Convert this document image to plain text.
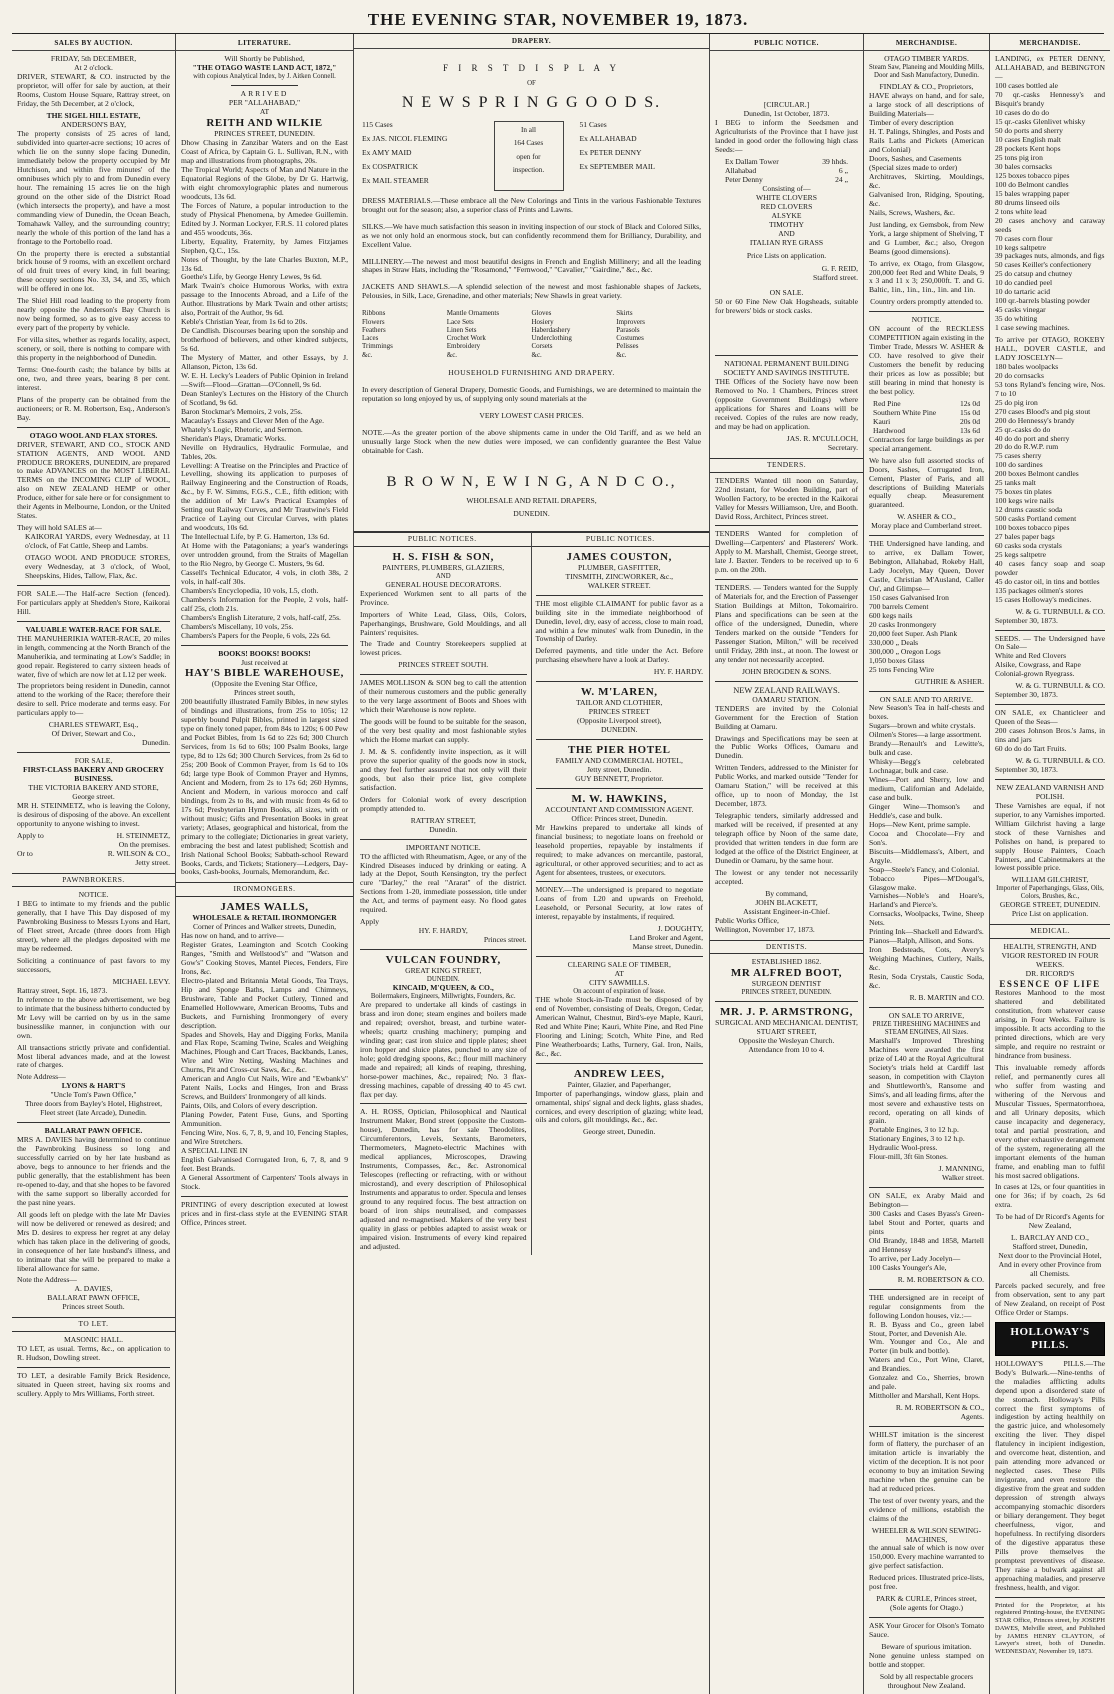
THE EVENING STAR, NOVEMBER 19, 1873.
SALES BY AUCTION.
FRIDAY, 5th DECEMBER,
At 2 o'clock.

DRIVER, STEWART, & CO. instructed by the proprietor, will offer for sale by auction, at their Rooms, Custom House Square, Rattray street, on Friday, the 5th December, at 2 o'clock,

THE SIGEL HILL ESTATE,
ANDERSON'S BAY,

The property consists of 25 acres of land, subdivided into quarter-acre sections; 10 acres of which lie on the sunny slope facing Dunedin, immediately below the property occupied by Mr Hutchison, and within five minutes' of the omnibuses which ply to and from Dunedin every hour. The remaining 15 acres lie on the high ground on the other side of the District Road (which intersects the property), and have a most commanding view of Dunedin, the Ocean Beach, Tomahawk Valley, and the surrounding country; nearly the whole of this portion of the land has a frontage to the Portobello road.

On the property there is erected a substantial brick house of 9 rooms, with an excellent orchard of old fruit trees of every kind, in full bearing; these occupy sections No. 33, 34, and 35, which will be offered in one lot.

The Shiel Hill road leading to the property from nearly opposite the Anderson's Bay Church is now being formed, so as to give easy access to every part of the property by vehicle.

For villa sites, whether as regards locality, aspect, scenery, or soil, there is nothing to compare with this property in the neighborhood of Dunedin.

Terms: One-fourth cash; the balance by bills at one, two, and three years, bearing 8 per cent. interest.

Plans of the property can be obtained from the auctioneers; or R. M. Robertson, Esq., Anderson's Bay.

OTAGO WOOL AND FLAX STORES.

DRIVER, STEWART, AND CO., STOCK AND STATION AGENTS, AND WOOL AND PRODUCE BROKERS, DUNEDIN, are prepared to make ADVANCES on the MOST LIBERAL TERMS on the INCOMING CLIP of WOOL, also on NEW ZEALAND HEMP or other Produce, either for sale here or for consignment to their Agents in Melbourne, London, or the United States.

They will hold SALES at—

KAIKORAI YARDS, every Wednesday, at 11 o'clock, of Fat Cattle, Sheep and Lambs.

OTAGO WOOL AND PRODUCE STORES, every Wednesday, at 3 o'clock, of Wool, Sheepskins, Hides, Tallow, Flax, &c.

FOR SALE.—The Half-acre Section (fenced). For particulars apply at Shedden's Store, Kaikorai Hill.

VALUABLE WATER-RACE FOR SALE.

THE MANUHERIKIA WATER-RACE, 20 miles in length, commencing at the North Branch of the Manuherikia, and terminating at Low's Saddle; in good repair. Registered to carry sixteen heads of water, five of which are now let at L12 per week.

The proprietors being resident in Dunedin, cannot attend to the working of the Race; therefore their desire to sell. Price moderate and terms easy. For particulars apply to—

CHARLES STEWART, Esq.,
Of Driver, Stewart and Co.,
Dunedin.
FOR SALE,
FIRST-CLASS BAKERY AND GROCERY BUSINESS.
THE VICTORIA BAKERY AND STORE,
George street.

MR H. STEINMETZ, who is leaving the Colony, is desirous of disposing of the above. An excellent opportunity to anyone wishing to invest.

Apply to	H. STEINMETZ,
On the premises.
Or to	R. WILSON & CO.,
Jetty street.
PAWNBROKERS.
NOTICE.

I BEG to intimate to my friends and the public generally, that I have This Day disposed of my Pawnbroking Business to Messrs Lyons and Hart, of Fleet street, Arcade (three doors from High street), where all the pledges deposited with me may be redeemed.

Soliciting a continuance of past favors to my successors,

MICHAEL LEVY.
Rattray street, Sept. 16, 1873.

In reference to the above advertisement, we beg to intimate that the business hitherto conducted by Mr Levy will be carried on by us in the same businesslike manner, in conjunction with our own.

All transactions strictly private and confidential. Most liberal advances made, and at the lowest rate of charges.

Note Address—
LYONS & HART'S
"Uncle Tom's Pawn Office,"

Three doors from Bayley's Hotel, Highstreet, Fleet street (late Arcade), Dunedin.

BALLARAT PAWN OFFICE.

MRS A. DAVIES having determined to continue the Pawnbroking Business so long and successfully carried on by her late husband as above, begs to announce to her friends and the public generally, that the establishment has been re-opened to-day, and that she hopes to be favored with the same support so liberally accorded for the past nine years.

All goods left on pledge with the late Mr Davies will now be delivered or renewed as desired; and Mrs D. desires to express her regret at any delay which has taken place in the delivering of goods, in consequence of her late husband's illness, and to intimate that she will be prepared to make a liberal allowance for same.

Note the Address—
A. DAVIES,
BALLARAT PAWN OFFICE,
Princes street South.
TO LET.
MASONIC HALL.

TO LET, as usual. Terms, &c., on application to R. Hudson, Dowling street.

TO LET, a desirable Family Brick Residence, situated in Queen street, having six rooms and scullery. Apply to Mrs Williams, Forth street.

LITERATURE.
Will Shortly be Published,
"THE OTAGO WASTE LAND ACT, 1872,"
with copious Analytical Index, by J. Aitken Connell.
ARRIVED
PER "ALLAHABAD,"
AT
REITH AND WILKIE
PRINCES STREET, DUNEDIN.

Dhow Chasing in Zanzibar Waters and on the East Coast of Africa, by Captain G. L. Sullivan, R.N., with map and illustrations from photographs, 20s.
The Tropical World; Aspects of Man and Nature in the Equatorial Regions of the Globe, by Dr G. Hartwig, with eight chromoxylographic plates and numerous woodcuts, 13s 6d.
The Forces of Nature, a popular introduction to the study of Physical Phenomena, by Amedee Guillemin. Edited by J. Norman Lockyer, F.R.S. 11 colored plates and 455 woodcuts, 36s.
Liberty, Equality, Fraternity, by James Fitzjames Stephen, Q.C., 15s.
Notes of Thought, by the late Charles Buxton, M.P., 13s 6d.
Goethe's Life, by George Henry Lewes, 9s 6d.
Mark Twain's choice Humorous Works, with extra passage to the Innocents Abroad, and a Life of the Author. Illustrations by Mark Twain and other artists; also, Portrait of the Author, 9s 6d.
Keble's Christian Year, from 1s 6d to 20s.
De Candlish. Discourses bearing upon the sonship and brotherhood of believers, and other kindred subjects, 5s 6d.
The Mystery of Matter, and other Essays, by J. Allanson, Picton, 13s 6d.
W. E. H. Lecky's Leaders of Public Opinion in Ireland—Swift—Flood—Grattan—O'Connell, 9s 6d.
Dean Stanley's Lectures on the History of the Church of Scotland, 9s 6d.
Baron Stockmar's Memoirs, 2 vols, 25s.
Macaulay's Essays and Clever Men of the Age.
Whately's Logic, Rhetoric, and Sermon.
Sheridan's Plays, Dramatic Works.
Neville on Hydraulics, Hydraulic Formulae, and Tables, 20s.
Levelling: A Treatise on the Principles and Practice of Levelling, showing its application to purposes of Railway Engineering and the Construction of Roads, &c., by F. W. Simms, F.G.S., C.E., fifth edition; with the addition of Mr Law's Practical Examples of Setting out Railway Curves, and Mr Trautwine's Field Practice of Laying out Circular Curves, with plates and woodcuts, 10s 6d.
The Intellectual Life, by P. G. Hamerton, 13s 6d.
At Home with the Patagonians; a year's wanderings over untrodden ground, from the Straits of Magellan to the Rio Negro, by George C. Musters, 9s 6d.
Cassell's Technical Educator, 4 vols, in cloth 38s, 2 vols, in half-calf 30s.
Chambers's Encyclopedia, 10 vols, L5, cloth.
Chambers's Information for the People, 2 vols, half-calf 25s, cloth 21s.
Chambers's English Literature, 2 vols, half-calf, 25s.
Chambers's Miscellany, 10 vols, 25s.
Chambers's Papers for the People, 6 vols, 22s 6d.

BOOKS! BOOKS! BOOKS!
Just received at
HAY'S BIBLE WAREHOUSE,
(Opposite the Evening Star Office,
Princes street south,

200 beautifully illustrated Family Bibles, in new styles of bindings and illustrations, from 25s to 105s; 12 superbly bound Pulpit Bibles, printed in largest sized type on finely toned paper, from 84s to 120s; 6 00 Pew and Pocket Bibles, from 1s 6d to 22s 6d; 300 Church Services, from 1s 6d to 60s; 100 Psalm Books, large type, 8d to 12s 6d; 300 Church Services, from 2s 6d to 25s; 200 Book of Common Prayer, from 1s 6d to 10s 6d; large type Book of Common Prayer and Hymns, Ancient and Modern, from 2s to 17s 6d; 260 Hymns, Ancient and Modern, in various morocco and calf bindings, from 2s to 8s, and with music from 4s 6d to 17s 6d; Presbyterian Hymn Books, all sizes, with or without music; Gifts and Presentation Books in great variety; Atlases, geographical and historical, from the primary to the collegiate; Dictionaries in great variety, embracing the best and latest published; Scottish and Irish National School Books; Sabbath-school Reward Books, Cards, and Tickets; Stationery—Ledgers, Day-books, Cash-books, Journals, Memorandum, &c.

IRONMONGERS.
JAMES WALLS,
WHOLESALE & RETAIL IRONMONGER
Corner of Princes and Walker streets, Dunedin,

Has now on hand, and to arrive—
Register Grates, Leamington and Scotch Cooking Ranges, "Smith and Wellstood's" and "Watson and Gow's" Cooking Stoves, Mantel Pieces, Fenders, Fire Irons, &c.
Electro-plated and Britannia Metal Goods, Tea Trays, Hip and Sponge Baths, Lamps and Chimneys, Brushware, Table and Pocket Cutlery, Tinned and Enamelled Hollowware, American Brooms, Tubs and Buckets, and Furnishing Ironmongery of every description.
Spades and Shovels, Hay and Digging Forks, Manila and Flax Rope, Scaming Twine, Scales and Weighing Machines, Plough and Cart Traces, Backbands, Lanes, Wire and Wire Netting, Washing Machines and Churns, Pit and Cross-cut Saws, &c., &c.
American and Anglo Cut Nails, Wire and "Ewbank's" Patent Nails, Locks and Hinges, Iron and Brass Screws, and Builders' Ironmongery of all kinds.
Paints, Oils, and Colors of every description.
Planing Powder, Patent Fuse, Guns, and Sporting Ammunition.
Fencing Wire, Nos. 6, 7, 8, 9, and 10, Fencing Staples, and Wire Stretchers.
A SPECIAL LINE IN
English Galvanised Corrugated Iron, 6, 7, 8, and 9 feet. Best Brands.
A General Assortment of Carpenters' Tools always in Stock.

PRINTING of every description executed at lowest prices and in first-class style at the EVENING STAR Office, Princes street.

DRAPERY.
F I R S T D I S P L A Y
OF
N E W S P R I N G G O O D S.
115 Cases
Ex JAS. NICOL FLEMING
Ex AMY MAID
Ex COSPATRICK
Ex MAIL STEAMER
In all
164 Cases
open for
inspection.
51 Cases
Ex ALLAHABAD
Ex PETER DENNY
Ex SEPTEMBER MAIL

DRESS MATERIALS.—These embrace all the New Colorings and Tints in the various Fashionable Textures brought out for the season; also, a superior class of Prints and Lawns.

SILKS.—We have much satisfaction this season in inviting inspection of our stock of Black and Colored Silks, as we not only hold an enormous stock, but can confidently recommend them for Brilliancy, Durability, and Excellent Value.

MILLINERY.—The newest and most beautiful designs in French and English Millinery; and all the leading shapes in Straw Hats, including the "Rosamond," "Fernwood," "Cavalier," "Gairdine," &c., &c.

JACKETS AND SHAWLS.—A splendid selection of the newest and most fashionable shapes of Jackets, Pelousies, in Silk, Lace, Grenadine, and other materials; New Shawls in great variety.

Ribbons
Flowers
Feathers
Laces
Trimmings
&c.
Mantle Ornaments
Lace Sets
Linen Sets
Crochet Work
Embroidery
&c.
Gloves
Hosiery
Haberdashery
Underclothing
Corsets
&c.
Skirts
Improvers
Parasols
Costumes
Pelisses
&c.
HOUSEHOLD FURNISHING AND DRAPERY.

In every description of General Drapery, Domestic Goods, and Furnishings, we are determined to maintain the reputation so long enjoyed by us, of supplying only sound materials at the

VERY LOWEST CASH PRICES.

NOTE.—As the greater portion of the above shipments came in under the Old Tariff, and as we held an unusually large Stock when the new duties were imposed, we can confidently guarantee the Best Value obtainable for Cash.

B R O W N, E W I N G, A N D C O.,
WHOLESALE AND RETAIL DRAPERS,
DUNEDIN.
PUBLIC NOTICES.
H. S. FISH & SON,
PAINTERS, PLUMBERS, GLAZIERS,
AND
GENERAL HOUSE DECORATORS.

Experienced Workmen sent to all parts of the Province.

Importers of White Lead, Glass, Oils, Colors, Paperhangings, Brushware, Gold Mouldings, and all Painters' requisites.

The Trade and Country Storekeepers supplied at lowest prices.

PRINCES STREET SOUTH.

JAMES MOLLISON & SON beg to call the attention of their numerous customers and the public generally to the very large assortment of Boots and Shoes with which their Warehouse is now replete.

The goods will be found to be suitable for the season, of the very best quality and most fashionable styles which the Home market can supply.

J. M. & S. confidently invite inspection, as it will prove the superior quality of the goods now in stock, and they feel further assured that not only will their goods, but also their price list, give complete satisfaction.

Orders for Colonial work of every description promptly attended to.

RATTRAY STREET,
Dunedin.
IMPORTANT NOTICE.

TO the afflicted with Rheumatism, Agee, or any of the Kindred Diseases induced by drinking or eating. A lady at the Depot, South Kensington, try the perfect cure "Darley," the real "Ararat" of the district. Sections from 1-20, immediate possession, title under the Act, and terms of payment easy. No flood gates required.

Apply
HY. F. HARDY,
Princes street.
VULCAN FOUNDRY,
GREAT KING STREET,
DUNEDIN.
KINCAID, M'QUEEN, & CO.,
Boilermakers, Engineers, Millwrights, Founders, &c.

Are prepared to undertake all kinds of castings in brass and iron done; steam engines and boilers made and repaired; overshot, breast, and turbine water-wheels; quartz crushing machinery; pumping and winding gear; cast iron sluice and tipple plates; sheet iron hopper and sluice plates, punched to any size of hole; gold dredging spoons, &c.; flour mill machinery made and repaired; all kinds of reaping, threshing, horse-power machines, &c., repaired; No. 3 flax-dressing machines, capable of dressing 40 to 45 cwt. flax per day.

A. H. ROSS, Optician, Philosophical and Nautical Instrument Maker, Bond street (opposite the Custom-house), Dunedin, has for sale Theodolites, Circumferentors, Levels, Sextants, Barometers, Thermometers, Magneto-electric Machines with medical appliances, Microscopes, Drawing Instruments, Compasses, &c., &c. Astronomical Telescopes (reflecting or refracting, with or without microstand), and every description of Philosophical Instruments and apparatus to order. Specula and lenses ground to any required focus. The best attraction on board of iron ships neutralised, and compasses adjusted and re-magnetised. Makers of the very best quality in glass or pebbles adapted to assist weak or impaired vision. Instruments of every kind repaired and adjusted.

PUBLIC NOTICES.
JAMES COUSTON,
PLUMBER, GASFITTER,
TINSMITH, ZINCWORKER, &c.,
WALKER STREET.

THE most eligible CLAIMANT for public favor as a building site in the immediate neighborhood of Dunedin, level, dry, easy of access, close to main road, and within a few minutes' walk from Dunedin, in the Township of Darley.

Deferred payments, and title under the Act. Before purchasing elsewhere have a look at Darley.

HY. F. HARDY.
W. M'LAREN,
TAILOR AND CLOTHIER,
PRINCES STREET
(Opposite Liverpool street),
DUNEDIN.
THE PIER HOTEL
FAMILY AND COMMERCIAL HOTEL,
Jetty street, Dunedin.
GUY BENNETT, Proprietor.
M. W. HAWKINS,
ACCOUNTANT AND COMMISSION AGENT.
Office: Princes street, Dunedin.

Mr Hawkins prepared to undertake all kinds of financial business; to negotiate loans on freehold or leasehold properties, repayable by instalments if required; to make advances on mercantile, pastoral, agricultural, or other approved securities; and to act as Agent for absentees, trustees, or executors.

MONEY.—The undersigned is prepared to negotiate Loans of from L20 and upwards on Freehold, Leasehold, or Personal Security, at low rates of interest, repayable by instalments, if required.

J. DOUGHTY,
Land Broker and Agent,
Manse street, Dunedin.
CLEARING SALE OF TIMBER,
AT
CITY SAWMILLS.
On account of expiration of lease.

THE whole Stock-in-Trade must be disposed of by end of November, consisting of Deals, Oregon, Cedar, American Walnut, Chestnut, Bird's-eye Maple, Kauri, Red and White Pine; Kauri, White Pine, and Red Pine Flooring and Lining; Scotch, White Pine, and Red Pine Weatherboards; Laths, Turnery, Gal. Iron, Nails, &c., &c.

ANDREW LEES,
Painter, Glazier, and Paperhanger,

Importer of paperhangings, window glass, plain and ornamental, ships' signal and deck lights, glass shades, cornices, and every description of glazing; white lead, oils and colors, gilt mouldings, &c., &c.

George street, Dunedin.
PUBLIC NOTICE.
[CIRCULAR.]
Dunedin, 1st October, 1873.

I BEG to inform the Seedsmen and Agriculturists of the Province that I have just landed in good order the following high class Seeds:—

Ex Dallam Tower	39 hhds.
Allahabad	6 „
Peter Denny	24 „
Consisting of—
WHITE CLOVERS
RED CLOVERS
ALSYKE
TIMOTHY
AND
ITALIAN RYE GRASS
Price Lists on application.
G. F. REID,
Stafford street.
ON SALE.

50 or 60 Fine New Oak Hogsheads, suitable for brewers' bids or stock casks.

NATIONAL PERMANENT BUILDING SOCIETY AND SAVINGS INSTITUTE.

THE Offices of the Society have now been Removed to No. 1 Chambers, Princes street (opposite Government Buildings) where applications for Shares and Loans will be received. Copies of the rules are now ready, and may be had on application.

JAS. R. M'CULLOCH,
Secretary.
TENDERS.

TENDERS Wanted till noon on Saturday, 22nd instant, for Wooden Building, part of Woollen Factory, to be erected in the Kaikorai Valley for Messrs Williamson, Ure, and Booth. David Ross, Architect, Princes street.

TENDERS Wanted for completion of Dwelling—Carpenters' and Plasterers' Work. Apply to M. Marshall, Chemist, George street, late J. Baxter. Tenders to be received up to 6 p.m. on the 20th.

TENDERS. — Tenders wanted for the Supply of Materials for, and the Erection of Passenger Station Buildings at Milton, Tokomairiro. Plans and specifications can be seen at the office of the undersigned, Dunedin, where Tenders marked on the outside "Tenders for Passenger Station, Milton," will be received until Friday, 28th inst., at noon. The lowest or any tender not necessarily accepted.

JOHN BROGDEN & SONS.
NEW ZEALAND RAILWAYS.
OAMARU STATION.

TENDERS are invited by the Colonial Government for the Erection of Station Building at Oamaru.

Drawings and Specifications may be seen at the Public Works Offices, Oamaru and Dunedin.

Written Tenders, addressed to the Minister for Public Works, and marked outside "Tender for Oamaru Station," will be received at this office, up to noon of Monday, the 1st December, 1873.

Telegraphic tenders, similarly addressed and marked will be received, if presented at any telegraph office by Noon of the same date, provided that written tenders in due form are lodged at the office of the District Engineer, at Dunedin or Oamaru, by the same hour.

The lowest or any tender not necessarily accepted.

By command,
JOHN BLACKETT,
Assistant Engineer-in-Chief.
Public Works Office,
Wellington, November 17, 1873.
DENTISTS.
ESTABLISHED 1862.
MR ALFRED BOOT,
SURGEON DENTIST
PRINCES STREET, DUNEDIN.
MR. J. P. ARMSTRONG,
SURGICAL AND MECHANICAL DENTIST,
STUART STREET,
Opposite the Wesleyan Church.
Attendance from 10 to 4.
MERCHANDISE.
OTAGO TIMBER YARDS.

Steam Saw, Planeing and Moulding Mills, Door and Sash Manufactory, Dunedin.

FINDLAY & CO., Proprietors,

HAVE always on hand, and for sale, a large stock of all descriptions of Building Materials—
Timber of every description
H. T. Palings, Shingles, and Posts and Rails Laths and Pickets (American and Colonial)
Doors, Sashes, and Casements
(Special sizes made to order)
Architraves, Skirting, Mouldings, &c.
Galvanised Iron, Ridging, Spouting, &c.
Nails, Screws, Washers, &c.

Just landing, ex Gemsbok, from New York, a large shipment of Shelving, T and G Lumber, &c.; also, Oregon Beams (good dimensions).

To arrive, ex Otago, from Glasgow, 200,000 feet Red and White Deals, 9 x 3 and 11 x 3; 250,000ft. T. and G. Baltic, 1in., 1in., 1in., 1in. and 1in.

Country orders promptly attended to.
NOTICE.

ON account of the RECKLESS COMPETITION again existing in the Timber Trade, Messrs W. ASHER & CO. have resolved to give their Customers the benefit by reducing their prices as low as possible; but still bearing in mind that honesty is the best policy.

Red Pine	12s 0d
Southern White Pine	15s 0d
Kauri	20s 0d
Hardwood	13s 6d

Contractors for large buildings as per special arrangement.

We have also full assorted stocks of Doors, Sashes, Corrugated Iron, Cement, Plaster of Paris, and all descriptions of Building Materials equally cheap. Measurement guaranteed.

W. ASHER & CO.,
Moray place and Cumberland street.

THE Undersigned have landing, and to arrive, ex Dallam Tower, Bebington, Allahabad, Rokeby Hall, Lady Jocelyn, May Queen, Dover Castle, Christian M'Ausland, Caller Ou', and Glimpse—
150 cases Galvanised Iron
700 barrels Cement
600 kegs nails
20 casks Ironmongery
20,000 feet Super. Ash Plank
330,000 „ Deals
300,000 „ Oregon Logs
1,050 boxes Glass
25 tons Fencing Wire

GUTHRIE & ASHER.
ON SALE AND TO ARRIVE.

New Season's Tea in half-chests and boxes.
Sugars—brown and white crystals.
Oilmen's Stores—a large assortment.
Brandy—Renault's and Lewitte's, bulk and case.
Whisky—Begg's celebrated Lochnagar, bulk and case.
Wines—Port and Sherry, low and medium, Californian and Adelaide, case and bulk.
Ginger Wine—Thomson's and Heddle's, case and bulk.
Hops—New Kent, prime sample.
Cocoa and Chocolate—Fry and Son's.
Biscuits—Middlemass's, Albert, and Argyle.
Soap—Steele's Fancy, and Colonial.
Tobacco Pipes—M'Dougal's, Glasgow make.
Varnishes—Noble's and Hoare's, Harland's and Pierce's.
Cornsacks, Woolpacks, Twine, Sheep Nets.
Printing Ink—Shackell and Edward's.
Pianos—Ralph, Allison, and Sons.
Iron Bedsteads, Cots, Avery's Weighing Machines, Cutlery, Nails, &c.
Resin, Soda Crystals, Caustic Soda, &c.

R. B. MARTIN and CO.
ON SALE TO ARRIVE,
PRIZE THRESHING MACHINES and STEAM ENGINES, All Sizes.

Marshall's Improved Threshing Machines were awarded the first prize of L40 at the Royal Agricultural Society's trials held at Cardiff last season, in competition with Clayton and Shuttleworth's, Ransome and Sims's, and all leading firms, after the most severe and exhaustive tests on record, operating on all kinds of grain.
Portable Engines, 3 to 12 h.p.
Stationary Engines, 3 to 12 h.p.
Hydraulic Wool-press.
Flour-mill, 3ft 6in Stones.

J. MANNING,
Walker street.

ON SALE, ex Araby Maid and Bebington—
300 Casks and Cases Byass's Green-label Stout and Porter, quarts and pints
Old Brandy, 1848 and 1858, Martell and Hennessy
To arrive, per Lady Jocelyn—
100 Casks Younger's Ale,

R. M. ROBERTSON & CO.

THE undersigned are in receipt of regular consignments from the following London houses, viz.:—
R. B. Byass and Co., green label Stout, Porter, and Devenish Ale.
Wm. Younger and Co., Ale and Porter (in bulk and bottle).
Waters and Co., Port Wine, Claret, and Brandies.
Gonzalez and Co., Sherries, brown and pale.
Mittholler and Marshall, Kent Hops.

R. M. ROBERTSON & CO.,
Agents.

WHILST imitation is the sincerest form of flattery, the purchaser of an imitation article is invariably the victim of the deception. It is not poor economy to buy an imitation Sewing machine when the genuine can be had at reduced prices.

The test of over twenty years, and the evidence of millions, establish the claims of the

WHEELER & WILSON SEWING-MACHINES,

the annual sale of which is now over 150,000. Every machine warranted to give perfect satisfaction.

Reduced prices. Illustrated price-lists, post free.

PARK & CURLE, Princes street,
(Sole agents for Otago.)

ASK Your Grocer for Olson's Tomato Sauce.

Beware of spurious imitation.

None genuine unless stamped on bottle and stopper.

Sold by all respectable grocers throughout New Zealand.

MERCHANDISE.

LANDING, ex PETER DENNY, ALLAHABAD, and BEBINGTON—
100 cases bottled ale
70 qr.-casks Hennessy's and Bisquit's brandy
10 cases do do do
15 qr.-casks Glenlivet whisky
50 do ports and sherry
10 cases English malt
28 pockets Kent hops
25 tons pig iron
30 bales cornsacks
125 boxes tobacco pipes
100 do Belmont candles
15 bales wrapping paper
80 drums linseed oils
2 tons white lead
20 cases anchovy and caraway seeds
70 cases corn flour
10 kegs saltpetre
39 packages nuts, almonds, and figs
50 cases Keiller's confectionery
25 do catsup and chutney
10 do candied peel
10 do tartaric acid
100 qr.-barrels blasting powder
45 casks vinegar
35 do whiting
1 case sewing machines.

To arrive per OTAGO, ROKEBY HALL, DOVER CASTLE, and LADY JOSCELYN—
180 bales woolpacks
20 do cornsacks
53 tons Ryland's fencing wire, Nos. 7 to 10
25 do pig iron
270 cases Blood's and pig stout
200 do Hennessy's brandy
25 qr.-casks do do
40 do do port and sherry
20 do do R.W.P. rum
75 cases sherry
100 do sardines
200 boxes Belmont candles
25 tanks malt
75 boxes tin plates
100 kegs wire nails
12 drums caustic soda
500 casks Portland cement
100 boxes tobacco pipes
27 bales paper bags
60 casks soda crystals
25 kegs saltpetre
40 cases fancy soap and soap powder
45 do castor oil, in tins and bottles
135 packages oilmen's stores
15 cases Holloway's medicines.

W. & G. TURNBULL & CO.
September 30, 1873.

SEEDS. — The Undersigned have On Sale—
White and Red Clovers
Alsike, Cowgrass, and Rape
Colonial-grown Ryegrass.

W. & G. TURNBULL & CO.
September 30, 1873.

ON SALE, ex Chanticleer and Queen of the Seas—
200 cases Johnson Bros.'s Jams, in tins and jars
60 do do do Tart Fruits.

W. & G. TURNBULL & CO.
September 30, 1873.
NEW ZEALAND VARNISH AND POLISH.

These Varnishes are equal, if not superior, to any Varnishes imported. William Gilchrist having a large stock of these Varnishes and Polishes on hand, is prepared to supply House Painters, Coach Painters, and Cabinetmakers at the lowest possible price.

WILLIAM GILCHRIST,
Importer of Paperhangings, Glass, Oils, Colors, Brushes, &c.,
GEORGE STREET, DUNEDIN.
Price List on application.
MEDICAL.
HEALTH, STRENGTH, AND VIGOR RESTORED IN FOUR WEEKS.
DR. RICORD'S
ESSENCE OF LIFE

Restores Manhood to the most shattered and debilitated constitution, from whatever cause arising, in Four Weeks. Failure is impossible. It acts according to the printed directions, which are very simple, and require no restraint or hindrance from business.

This invaluable remedy affords relief, and permanently cures all who suffer from wasting and withering of the Nervous and Muscular Tissues, Spermatorrhoea, and all Urinary deposits, which cause incapacity and degeneracy, total and partial prostration, and every other exhaustive derangement of the system, regenerating all the important elements of the human frame, and enabling man to fulfil his most sacred obligations.

In cases at 12s, or four quantities in one for 36s; if by coach, 2s 6d extra.

To be had of Dr Ricord's Agents for New Zealand,

L. BARCLAY AND CO.,
Stafford street, Dunedin,

Next door to the Provincial Hotel, And in every other Province from all Chemists.

Parcels packed securely, and free from observation, sent to any part of New Zealand, on receipt of Post Office Order or Stamps.

HOLLOWAY'S PILLS.

HOLLOWAY'S PILLS.—The Body's Bulwark.—Nine-tenths of the maladies afflicting adults depend upon a disordered state of the stomach. Holloway's Pills correct the first symptoms of indigestion by acting healthily on the gastric juice, and wholesomely exciting the liver. They dispel flatulency in incipient indigestion, and overcome heat, distention, and pain attending more advanced or neglected cases. These Pills invigorate, and even restore the digestive from the great and sudden depression of strength always accompanying stomachic disorders or biliary derangement. They beget cheerfulness, vigor, and hopefulness. In rectifying disorders of the digestive apparatus these Pills prove themselves the promptest preventives of disease. They raise a bulwark against all approaching maladies, and preserve freshness, health, and vigor.

Printed for the Proprietor, at his registered Printing-house, the EVENING STAR Office, Princes street, by JOSEPH DAWES, Melville street, and Published by JAMES HENRY CLAYTON, of Lawyer's street, both of Dunedin. WEDNESDAY, November 19, 1873.
